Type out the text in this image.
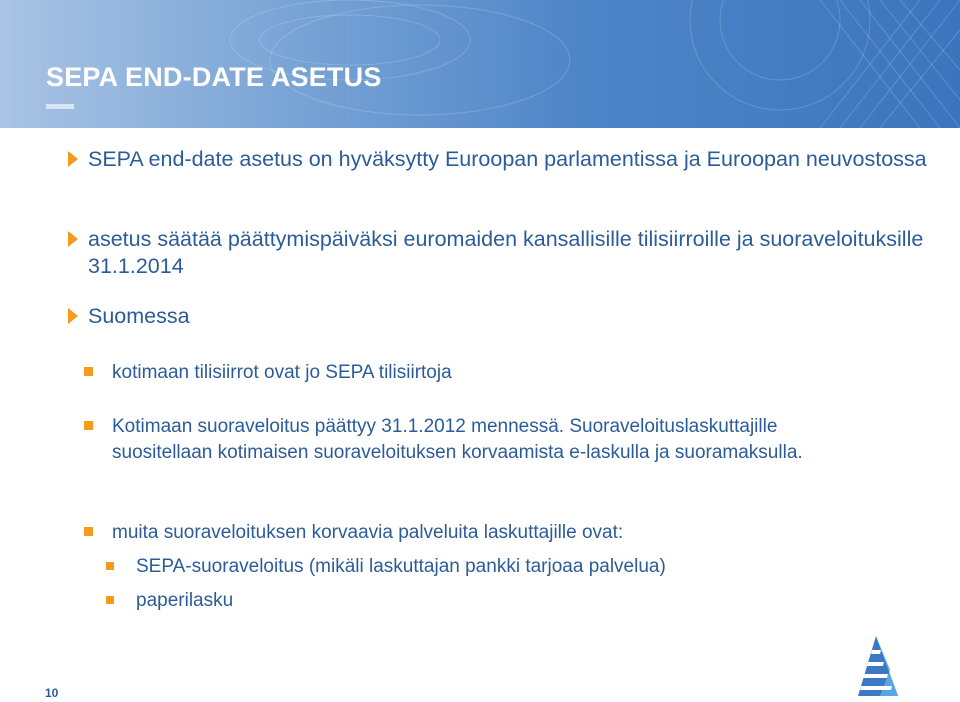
SEPA END-DATE ASETUS

SEPA end-date asetus on hyväksytty Euroopan parlamentissa ja Euroopan neuvostossa

asetus säätää päättymispäiväksi euromaiden kansallisille tilisiirroille ja suoraveloituksille 31.1.2014

Suomessa

kotimaan tilisiirrot ovat jo SEPA tilisiirtoja

Kotimaan suoraveloitus päättyy 31.1.2012 mennessä. Suoraveloituslaskuttajille suositellaan kotimaisen suoraveloituksen korvaamista e-laskulla ja suoramaksulla.

muita suoraveloituksen korvaavia palveluita laskuttajille ovat:

SEPA-suoraveloitus (mikäli laskuttajan pankki tarjoaa palvelua)

paperilasku

10
